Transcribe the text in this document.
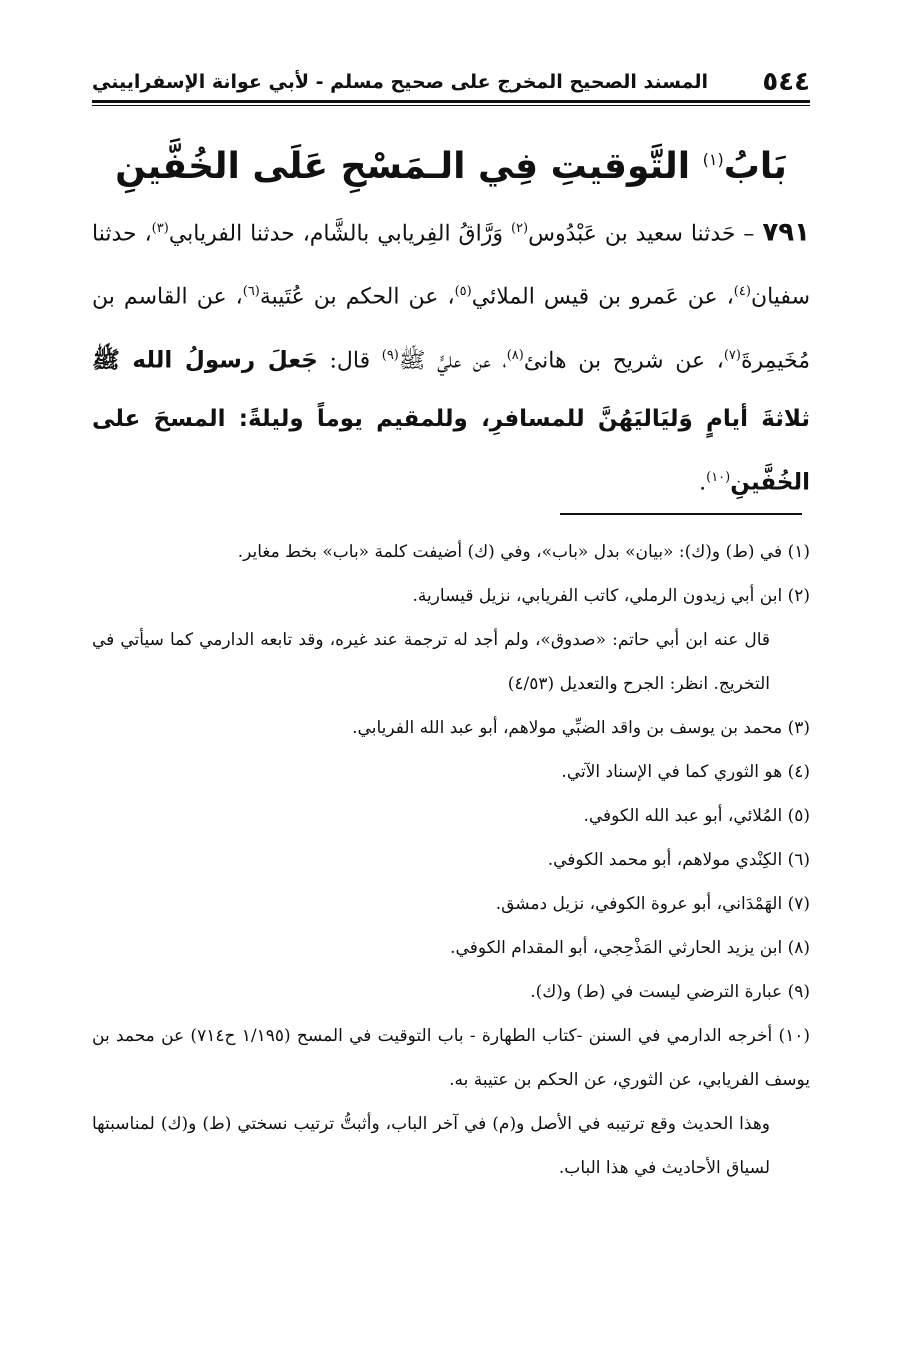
٥٤٤
المسند الصحيح المخرج على صحيح مسلم - لأبي عوانة الإسفراييني
بَابُ$^{(١)}$ التَّوقيتِ فِي الـمَسْحِ عَلَى الخُفَّينِ
٧٩١ – حَدثنا سعيد بن عَبْدُوس$^{(٢)}$ وَرَّاقُ الفِريابي بالشَّام، حدثنا الفريابي$^{(٣)}$، حدثنا سفيان$^{(٤)}$، عن عَمرو بن قيس الملائي$^{(٥)}$، عن الحكم بن عُتَيبة$^{(٦)}$، عن القاسم بن مُخَيمِرةَ$^{(٧)}$، عن شريح بن هانئ$^{(٨)}$، عن عليٍّ ﷺ$^{(٩)}$ قال: جَعلَ رسولُ الله ﷺ ثلاثةَ أيامٍ وَليَاليَهُنَّ للمسافرِ، وللمقيم يوماً وليلةً: المسحَ على الخُفَّينِ$^{(١٠)}$.

(١) في (ط) و(ك): «بيان» بدل «باب»، وفي (ك) أضيفت كلمة «باب» بخط مغاير.

(٢) ابن أبي زيدون الرملي، كاتب الفريابي، نزيل قيسارية.

قال عنه ابن أبي حاتم: «صدوق»، ولم أجد له ترجمة عند غيره، وقد تابعه الدارمي كما سيأتي في التخريج. انظر: الجرح والتعديل (٤/٥٣)

(٣) محمد بن يوسف بن واقد الضبِّي مولاهم، أبو عبد الله الفريابي.

(٤) هو الثوري كما في الإسناد الآتي.

(٥) المُلائي، أبو عبد الله الكوفي.

(٦) الكِنْدي مولاهم، أبو محمد الكوفي.

(٧) الهَمْدَاني، أبو عروة الكوفي، نزيل دمشق.

(٨) ابن يزيد الحارثي المَذْحِجي، أبو المقدام الكوفي.

(٩) عبارة الترضي ليست في (ط) و(ك).

(١٠) أخرجه الدارمي في السنن -كتاب الطهارة - باب التوقيت في المسح (١/١٩٥ ح٧١٤) عن محمد بن يوسف الفريابي، عن الثوري، عن الحكم بن عتيبة به.

وهذا الحديث وقع ترتيبه في الأصل و(م) في آخر الباب، وأثبتُّ ترتيب نسختي (ط) و(ك) لمناسبتها لسياق الأحاديث في هذا الباب.
